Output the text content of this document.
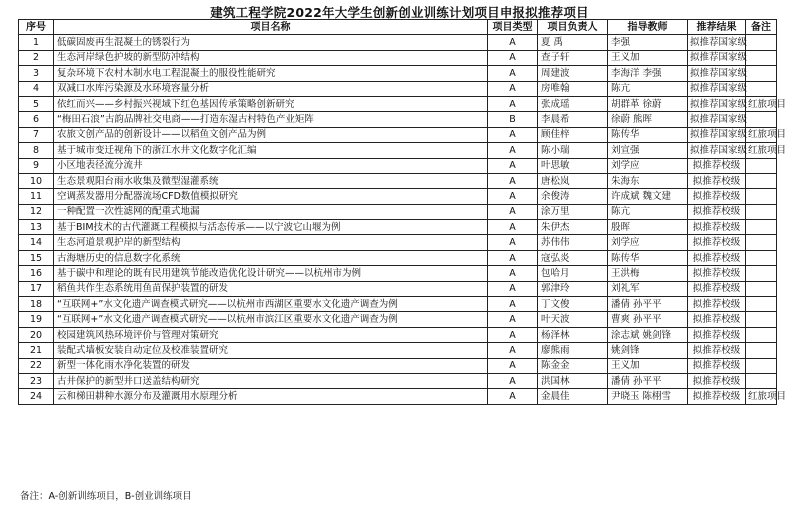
建筑工程学院2022年大学生创新创业训练计划项目申报拟推荐项目
序号	项目名称	项目类型	项目负责人	指导教师	推荐结果	备注
1	低碳固废再生混凝土的锈裂行为	A	夏 禹	李强	拟推荐国家级	
2	生态河岸绿色护坡的新型防冲结构	A	查子轩	王义加	拟推荐国家级	
3	复杂环境下农村木制水电工程混凝土的服役性能研究	A	周建波	李海洋 李强	拟推荐国家级	
4	双减口水库污染源及水环境容量分析	A	房唯翰	陈亢	拟推荐国家级	
5	依红而兴——乡村振兴视域下红色基因传承策略创新研究	A	张成瑶	胡群革 徐蔚	拟推荐国家级	红旅项目
6	“梅田石浪”古韵品牌社交电商——打造东湿古村特色产业矩阵	B	李晨希	徐蔚 熊晖	拟推荐国家级	
7	农旅文创产品的创新设计——以稻鱼文创产品为例	A	顾佳梓	陈传华	拟推荐国家级	红旅项目
8	基于城市变迁视角下的浙江水井文化数字化汇编	A	陈小瑞	刘宣强	拟推荐国家级	红旅项目
9	小区地表径流分流井	A	叶思敏	刘学应	拟推荐校级	
10	生态景观阳台雨水收集及微型湿灌系统	A	唐松岚	朱海东	拟推荐校级	
11	空调蒸发器用分配器流场CFD数值模拟研究	A	余俊涛	许成斌 魏文建	拟推荐校级	
12	一种配置一次性滤网的配重式地漏	A	涂万里	陈亢	拟推荐校级	
13	基于BIM技术的古代灌溉工程模拟与活态传承——以宁波它山堰为例	A	朱伊杰	殷晖	拟推荐校级	
14	生态河道景观护岸的新型结构	A	苏伟伟	刘学应	拟推荐校级	
15	古海塘历史的信息数字化系统	A	寇弘炎	陈传华	拟推荐校级	
16	基于碳中和理论的既有民用建筑节能改造优化设计研究——以杭州市为例	A	包哈月	王洪梅	拟推荐校级	
17	稻鱼共作生态系统用鱼苗保护装置的研发	A	郭津玲	刘礼军	拟推荐校级	
18	“互联网+”水文化遗产调查模式研究——以杭州市西湖区重要水文化遗产调查为例	A	丁文俊	潘倩 孙平平	拟推荐校级	
19	“互联网+”水文化遗产调查模式研究——以杭州市滨江区重要水文化遗产调查为例	A	叶天波	曹爽 孙平平	拟推荐校级	
20	校园建筑风热环境评价与管理对策研究	A	杨泽林	涂志斌 姚剑锋	拟推荐校级	
21	装配式墙板安装自动定位及校准装置研究	A	廖熊雨	姚剑锋	拟推荐校级	
22	新型一体化雨水净化装置的研发	A	陈金金	王义加	拟推荐校级	
23	古井保护的新型井口送盖结构研究	A	洪国林	潘倩 孙平平	拟推荐校级	
24	云和梯田耕种水源分布及灌溉用水原理分析	A	金晨佳	尹晓玉 陈栩雪	拟推荐校级	红旅项目
备注：A-创新训练项目，B-创业训练项目
